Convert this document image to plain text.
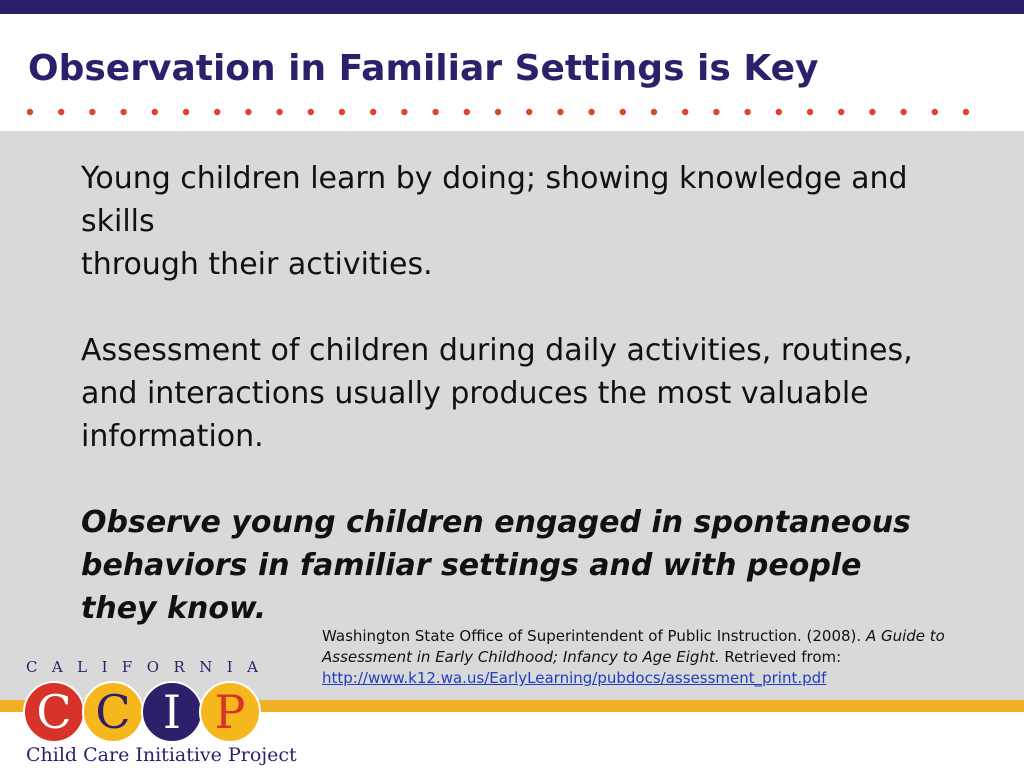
Observation in Familiar Settings is Key

Young children learn by doing; showing knowledge and skills
through their activities.

Assessment of children during daily activities, routines, and interactions usually produces the most valuable information.

Observe young children engaged in spontaneous behaviors in familiar settings and with people they know.

Washington State Office of Superintendent of Public Instruction. (2008). A Guide to Assessment in Early Childhood; Infancy to Age Eight. Retrieved from:
http://www.k12.wa.us/EarlyLearning/pubdocs/assessment_print.pdf
C A L I F O R N I A
C C I P
Child Care Initiative Project
